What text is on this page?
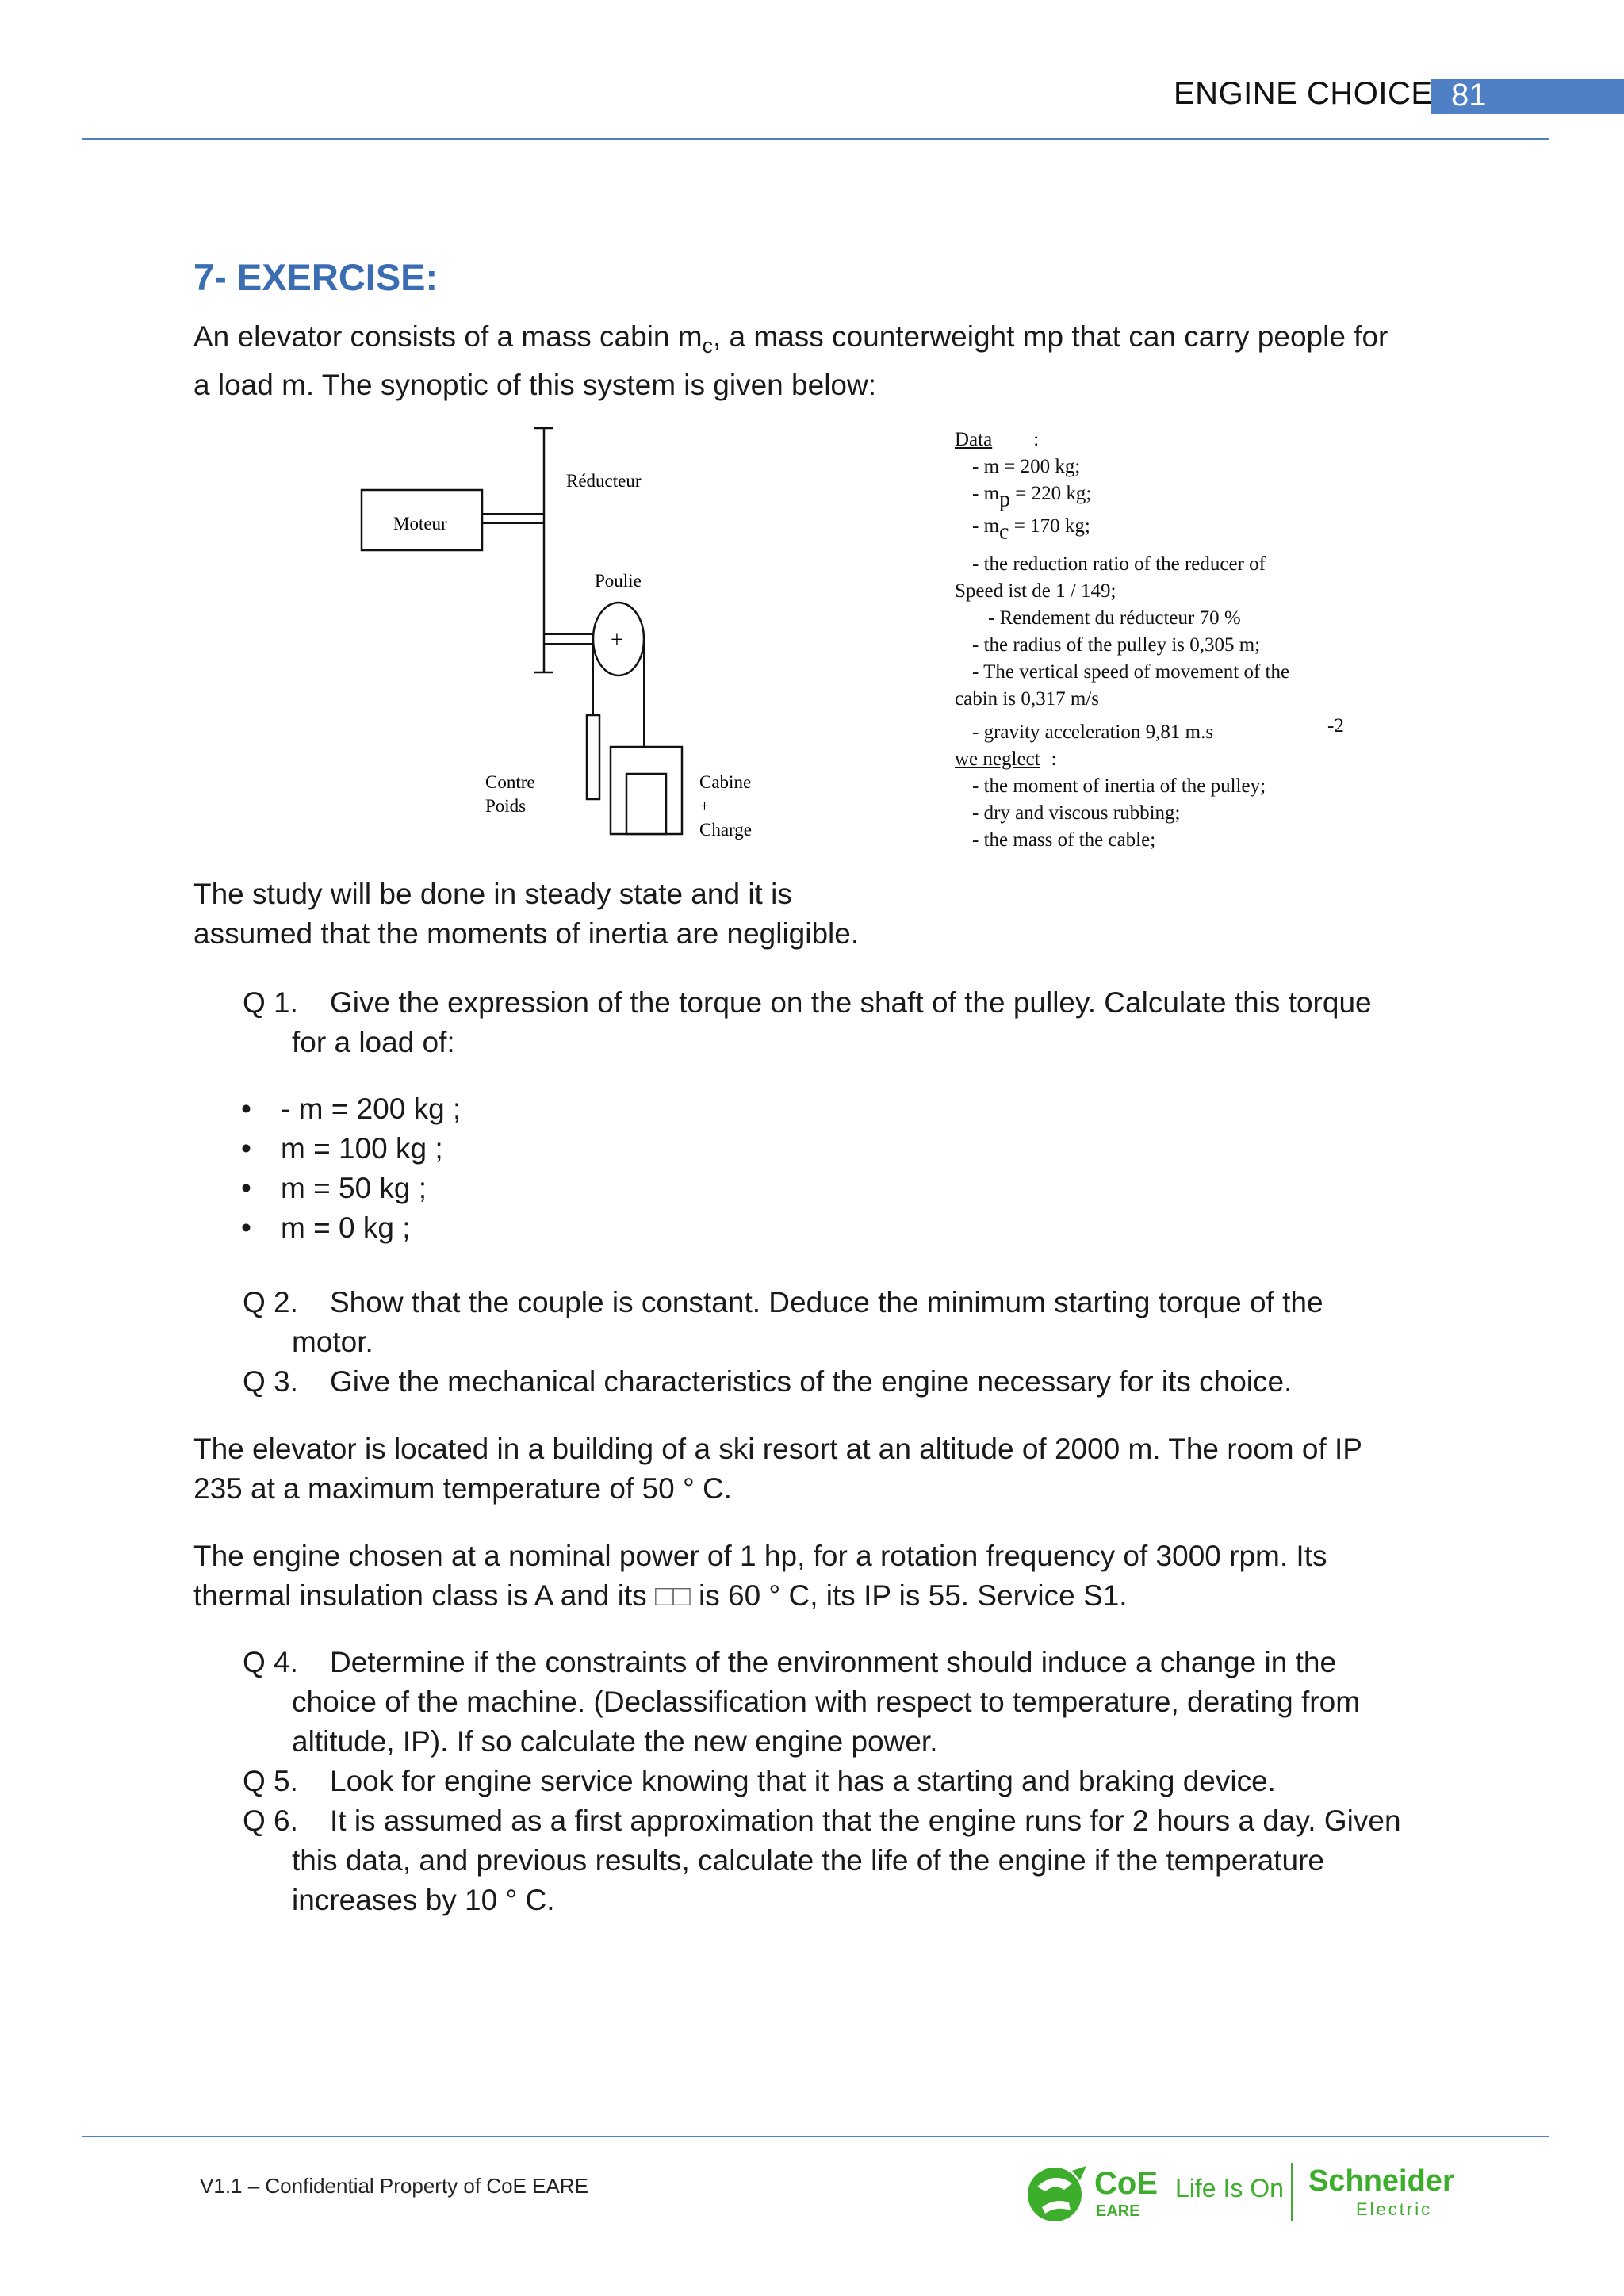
ENGINE CHOICE 81
7- EXERCISE:
An elevator consists of a mass cabin $m_c$, a mass counterweight mp that can carry people for
a load m. The synoptic of this system is given below:
Moteur
Réducteur
Poulie
+
Contre
Poids
Cabine
+
Charge
Data :
- m = 200 kg;
- mp = 220 kg;
- mc = 170 kg;
- the reduction ratio of the reducer of
Speed ist de 1 / 149;
- Rendement du réducteur 70 %
- the radius of the pulley is 0,305 m;
- The vertical speed of movement of the
cabin is 0,317 m/s
- gravity acceleration 9,81 m.s	-2
we neglect :
- the moment of inertia of the pulley;
- dry and viscous rubbing;
- the mass of the cable;
The study will be done in steady state and it is
assumed that the moments of inertia are negligible.
Q 1. Give the expression of the torque on the shaft of the pulley. Calculate this torque
for a load of:
• - m = 200 kg ;
• m = 100 kg ;
• m = 50 kg ;
• m = 0 kg ;
Q 2. Show that the couple is constant. Deduce the minimum starting torque of the
motor.
Q 3. Give the mechanical characteristics of the engine necessary for its choice.
The elevator is located in a building of a ski resort at an altitude of 2000 m. The room of IP
235 at a maximum temperature of 50 ° C.
The engine chosen at a nominal power of 1 hp, for a rotation frequency of 3000 rpm. Its
thermal insulation class is A and its □□ is 60 ° C, its IP is 55. Service S1.
Q 4. Determine if the constraints of the environment should induce a change in the
choice of the machine. (Declassification with respect to temperature, derating from
altitude, IP). If so calculate the new engine power.
Q 5. Look for engine service knowing that it has a starting and braking device.
Q 6. It is assumed as a first approximation that the engine runs for 2 hours a day. Given
this data, and previous results, calculate the life of the engine if the temperature
increases by 10 ° C.
V1.1 – Confidential Property of CoE EARE	CoE
EARE
Life Is On Schneider
Electric
